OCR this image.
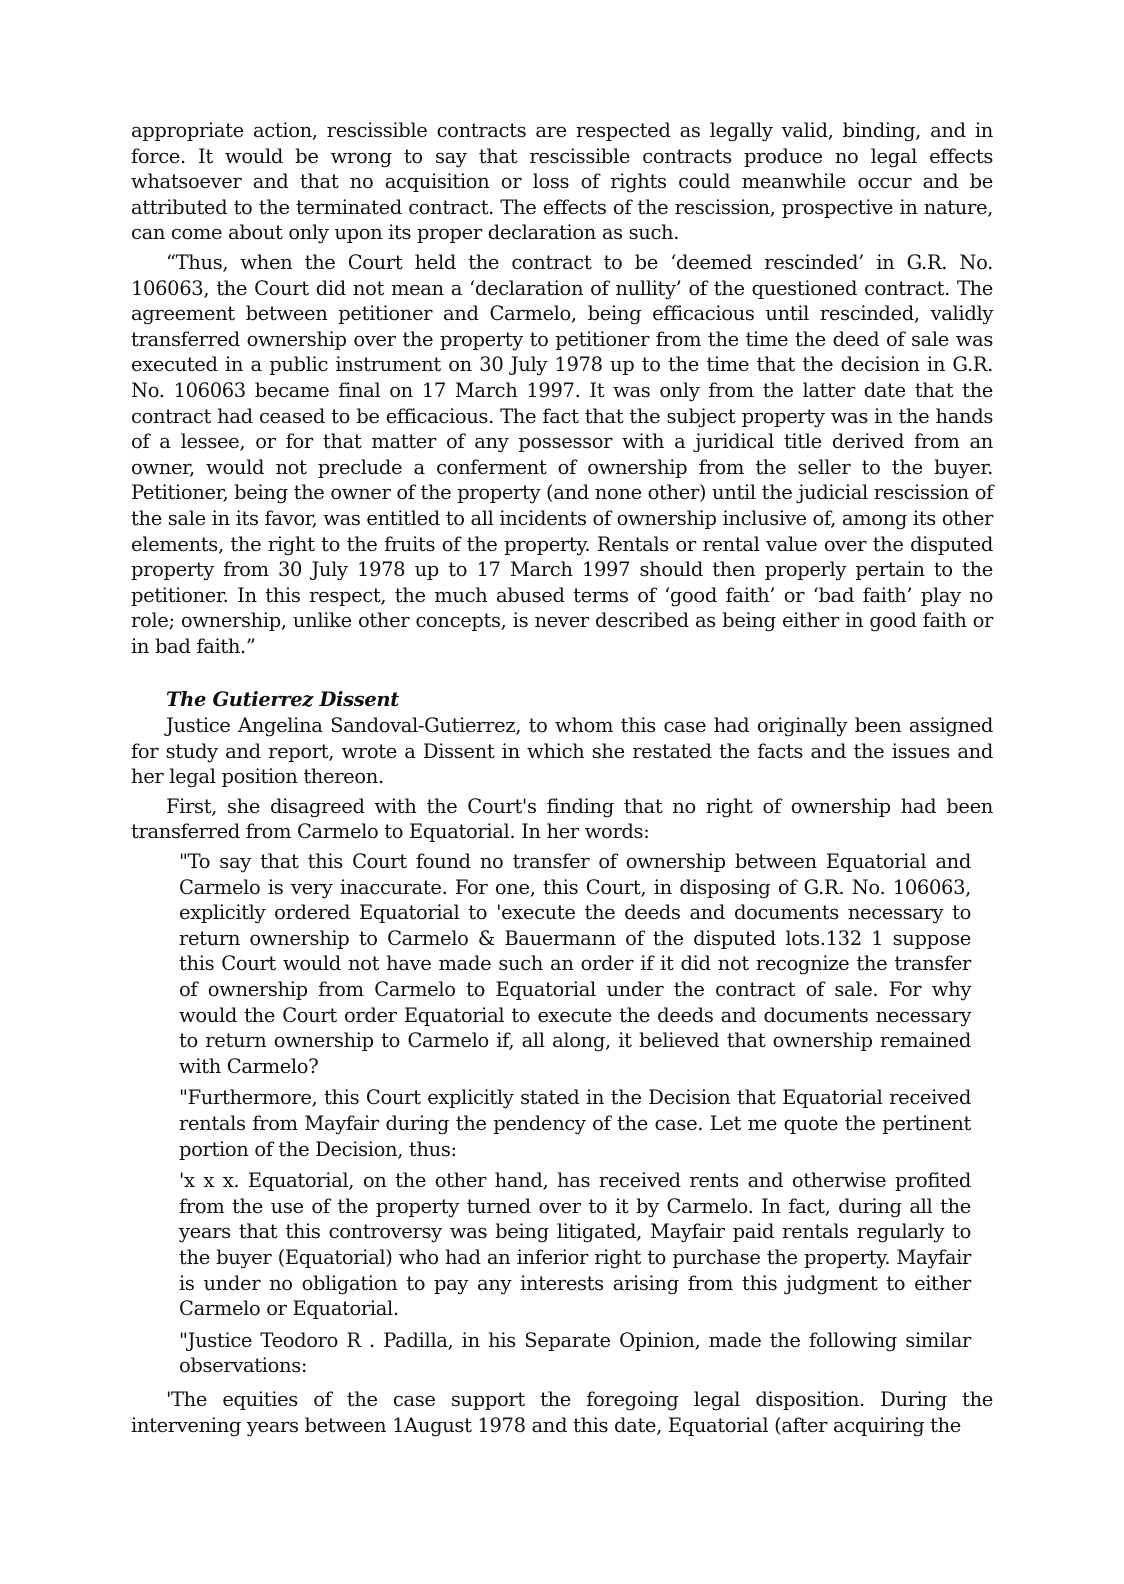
appropriate action, rescissible contracts are respected as legally valid, binding, and in force. It would be wrong to say that rescissible contracts produce no legal effects whatsoever and that no acquisition or loss of rights could meanwhile occur and be attributed to the terminated contract. The effects of the rescission, prospective in nature, can come about only upon its proper declaration as such.

“Thus, when the Court held the contract to be ‘deemed rescinded’ in G.R. No. 106063, the Court did not mean a ‘declaration of nullity’ of the questioned contract. The agreement between petitioner and Carmelo, being efficacious until rescinded, validly transferred ownership over the property to petitioner from the time the deed of sale was executed in a public instrument on 30 July 1978 up to the time that the decision in G.R. No. 106063 became final on 17 March 1997. It was only from the latter date that the contract had ceased to be efficacious. The fact that the subject property was in the hands of a lessee, or for that matter of any possessor with a juridical title derived from an owner, would not preclude a conferment of ownership from the seller to the buyer. Petitioner, being the owner of the property (and none other) until the judicial rescission of the sale in its favor, was entitled to all incidents of ownership inclusive of, among its other elements, the right to the fruits of the property. Rentals or rental value over the disputed property from 30 July 1978 up to 17 March 1997 should then properly pertain to the petitioner. In this respect, the much abused terms of ‘good faith’ or ‘bad faith’ play no role; ownership, unlike other concepts, is never described as being either in good faith or in bad faith.”

The Gutierrez Dissent

Justice Angelina Sandoval-Gutierrez, to whom this case had originally been assigned for study and report, wrote a Dissent in which she restated the facts and the issues and her legal position thereon.

First, she disagreed with the Court's finding that no right of ownership had been transferred from Carmelo to Equatorial. In her words:

"To say that this Court found no transfer of ownership between Equatorial and Carmelo is very inaccurate. For one, this Court, in disposing of G.R. No. 106063, explicitly ordered Equatorial to 'execute the deeds and documents necessary to return ownership to Carmelo & Bauermann of the disputed lots.132 1 suppose this Court would not have made such an order if it did not recognize the transfer of ownership from Carmelo to Equatorial under the contract of sale. For why would the Court order Equatorial to execute the deeds and documents necessary to return ownership to Carmelo if, all along, it believed that ownership remained with Carmelo?

"Furthermore, this Court explicitly stated in the Decision that Equatorial received rentals from Mayfair during the pendency of the case. Let me quote the pertinent portion of the Decision, thus:

'x x x. Equatorial, on the other hand, has received rents and otherwise profited from the use of the property turned over to it by Carmelo. In fact, during all the years that this controversy was being litigated, Mayfair paid rentals regularly to the buyer (Equatorial) who had an inferior right to purchase the property. Mayfair is under no obligation to pay any interests arising from this judgment to either Carmelo or Equatorial.

"Justice Teodoro R . Padilla, in his Separate Opinion, made the following similar observations:

'The equities of the case support the foregoing legal disposition. During the intervening years between 1August 1978 and this date, Equatorial (after acquiring the
